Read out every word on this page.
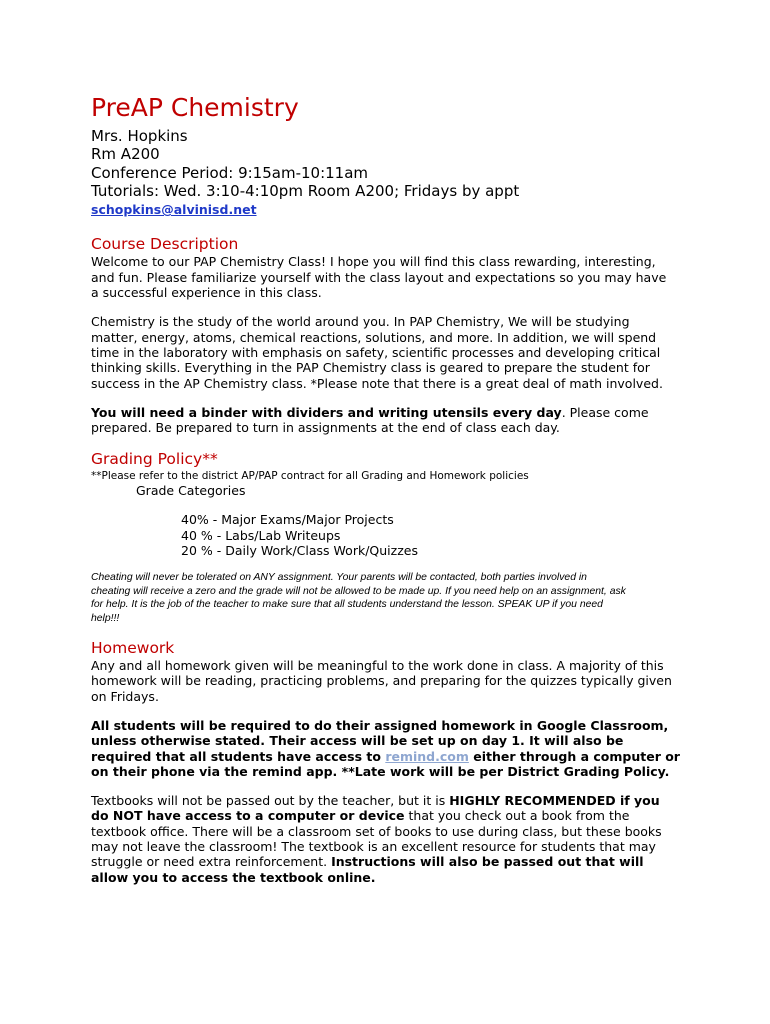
PreAP Chemistry
Mrs. Hopkins
Rm A200
Conference Period: 9:15am-10:11am
Tutorials: Wed. 3:10-4:10pm Room A200; Fridays by appt
schopkins@alvinisd.net
Course Description

Welcome to our PAP Chemistry Class! I hope you will find this class rewarding, interesting,
and fun. Please familiarize yourself with the class layout and expectations so you may have
a successful experience in this class.

Chemistry is the study of the world around you. In PAP Chemistry, We will be studying
matter, energy, atoms, chemical reactions, solutions, and more. In addition, we will spend
time in the laboratory with emphasis on safety, scientific processes and developing critical
thinking skills. Everything in the PAP Chemistry class is geared to prepare the student for
success in the AP Chemistry class. *Please note that there is a great deal of math involved.

You will need a binder with dividers and writing utensils every day. Please come
prepared. Be prepared to turn in assignments at the end of class each day.

Grading Policy**
**Please refer to the district AP/PAP contract for all Grading and Homework policies
Grade Categories
40% - Major Exams/Major Projects
40 % - Labs/Lab Writeups
20 % - Daily Work/Class Work/Quizzes
Cheating will never be tolerated on ANY assignment. Your parents will be contacted, both parties involved in
cheating will receive a zero and the grade will not be allowed to be made up. If you need help on an assignment, ask
for help. It is the job of the teacher to make sure that all students understand the lesson. SPEAK UP if you need
help!!!
Homework

Any and all homework given will be meaningful to the work done in class. A majority of this
homework will be reading, practicing problems, and preparing for the quizzes typically given
on Fridays.

All students will be required to do their assigned homework in Google Classroom,
unless otherwise stated. Their access will be set up on day 1. It will also be
required that all students have access to remind.com either through a computer or
on their phone via the remind app. **Late work will be per District Grading Policy.

Textbooks will not be passed out by the teacher, but it is HIGHLY RECOMMENDED if you
do NOT have access to a computer or device that you check out a book from the
textbook office. There will be a classroom set of books to use during class, but these books
may not leave the classroom! The textbook is an excellent resource for students that may
struggle or need extra reinforcement. Instructions will also be passed out that will
allow you to access the textbook online.
